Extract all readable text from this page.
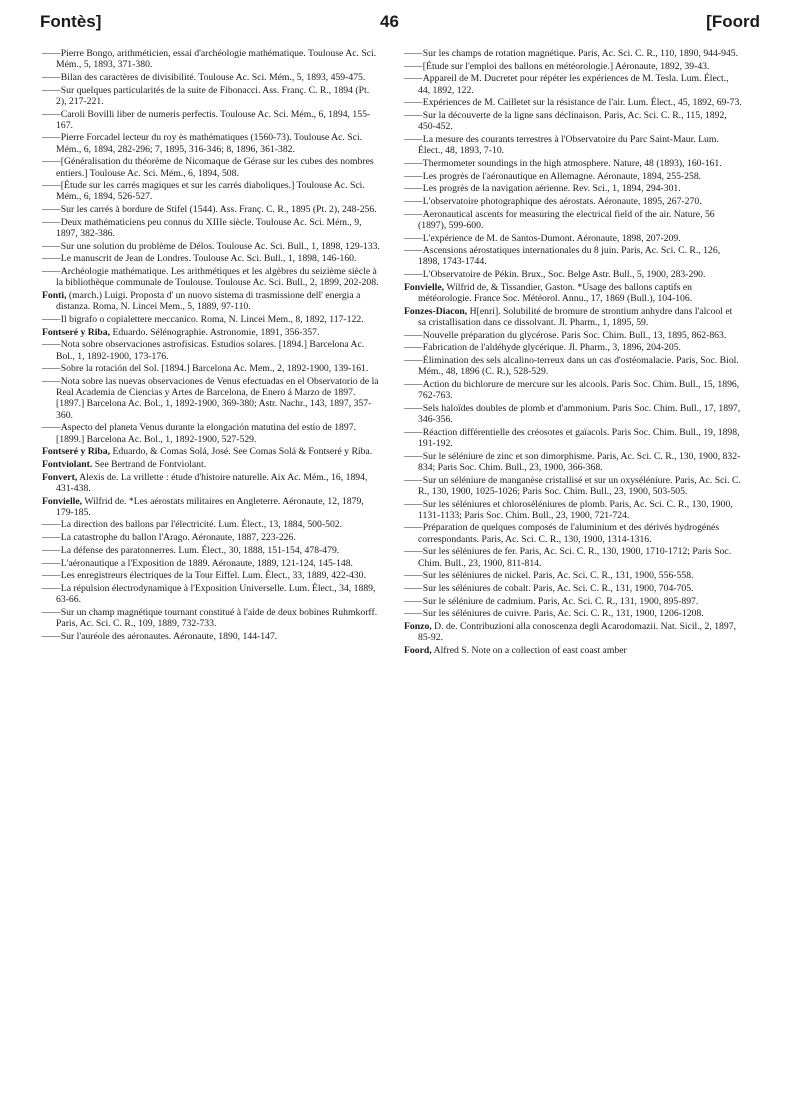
Fontès]	46	[Foord
—— Pierre Bongo, arithméticien, essai d'archéologie mathématique. Toulouse Ac. Sci. Mém., 5, 1893, 371-380.
—— Bilan des caractères de divisibilité. Toulouse Ac. Sci. Mém., 5, 1893, 459-475.
—— Sur quelques particularités de la suite de Fibonacci. Ass. Franç. C. R., 1894 (Pt. 2), 217-221.
—— Caroli Bovilli liber de numeris perfectis. Toulouse Ac. Sci. Mém., 6, 1894, 155-167.
—— Pierre Forcadel lecteur du roy ès mathématiques (1560-73). Toulouse Ac. Sci. Mém., 6, 1894, 282-296; 7, 1895, 316-346; 8, 1896, 361-382.
—— [Généralisation du théorème de Nicomaque de Gérase sur les cubes des nombres entiers.] Toulouse Ac. Sci. Mém., 6, 1894, 508.
—— [Étude sur les carrés magiques et sur les carrés diaboliques.] Toulouse Ac. Sci. Mém., 6, 1894, 526-527.
—— Sur les carrés à bordure de Stifel (1544). Ass. Franç. C. R., 1895 (Pt. 2), 248-256.
—— Deux mathématiciens peu connus du XIIIe siècle. Toulouse Ac. Sci. Mém., 9, 1897, 382-386.
—— Sur une solution du problème de Délos. Toulouse Ac. Sci. Bull., 1, 1898, 129-133.
—— Le manuscrit de Jean de Londres. Toulouse Ac. Sci. Bull., 1, 1898, 146-160.
—— Archéologie mathématique. Les arithmétiques et les algèbres du seizième siècle à la bibliothèque communale de Toulouse. Toulouse Ac. Sci. Bull., 2, 1899, 202-208.
Fonti, (march.) Luigi. Proposta d' un nuovo sistema di trasmissione dell' energia a distanza. Roma, N. Lincei Mem., 5, 1889, 97-110.
—— Il bigrafo o copialettere meccanico. Roma, N. Lincei Mem., 8, 1892, 117-122.
Fontseré y Riba, Eduardo. Sélénographie. Astronomie, 1891, 356-357.
—— Nota sobre observaciones astrofísicas. Estudios solares. [1894.] Barcelona Ac. Bol., 1, 1892-1900, 173-176.
—— Sobre la rotación del Sol. [1894.] Barcelona Ac. Mem., 2, 1892-1900, 139-161.
—— Nota sobre las nuevas observaciones de Venus efectuadas en el Observatorio de la Real Academia de Ciencias y Artes de Barcelona, de Enero á Marzo de 1897. [1897.] Barcelona Ac. Bol., 1, 1892-1900, 369-380; Astr. Nachr., 143, 1897, 357-360.
—— Aspecto del planeta Venus durante la elongación matutina del estío de 1897. [1899.] Barcelona Ac. Bol., 1, 1892-1900, 527-529.
Fontseré y Riba, Eduardo, & Comas Solá, José. See Comas Solá & Fontseré y Riba.
Fontviolant. See Bertrand de Fontviolant.
Fonvert, Alexis de. La vrillette : étude d'histoire naturelle. Aix Ac. Mém., 16, 1894, 431-438.
Fonvielle, Wilfrid de. *Les aérostats militaires en Angleterre. Aéronaute, 12, 1879, 179-185.
—— La direction des ballons par l'électricité. Lum. Élect., 13, 1884, 500-502.
—— La catastrophe du ballon l'Arago. Aéronaute, 1887, 223-226.
—— La défense des paratonnerres. Lum. Élect., 30, 1888, 151-154, 478-479.
—— L'aéronautique a l'Exposition de 1889. Aéronaute, 1889, 121-124, 145-148.
—— Les enregistreurs électriques de la Tour Eiffel. Lum. Élect., 33, 1889, 422-430.
—— La répulsion électrodynamique à l'Exposition Universelle. Lum. Élect., 34, 1889, 63-66.
—— Sur un champ magnétique tournant constitué à l'aide de deux bobines Ruhmkorff. Paris, Ac. Sci. C. R., 109, 1889, 732-733.
—— Sur l'auréole des aéronautes. Aéronaute, 1890, 144-147.
—— Sur les champs de rotation magnétique. Paris, Ac. Sci. C. R., 110, 1890, 944-945.
—— [Étude sur l'emploi des ballons en météorologie.] Aéronaute, 1892, 39-43.
—— Appareil de M. Ducretet pour répéter les expériences de M. Tesla. Lum. Élect., 44, 1892, 122.
—— Expériences de M. Cailletet sur la résistance de l'air. Lum. Élect., 45, 1892, 69-73.
—— Sur la découverte de la ligne sans déclinaison. Paris, Ac. Sci. C. R., 115, 1892, 450-452.
—— La mesure des courants terrestres à l'Observatoire du Parc Saint-Maur. Lum. Élect., 48, 1893, 7-10.
—— Thermometer soundings in the high atmosphere. Nature, 48 (1893), 160-161.
—— Les progrès de l'aéronautique en Allemagne. Aéronaute, 1894, 255-258.
—— Les progrès de la navigation aérienne. Rev. Sci., 1, 1894, 294-301.
—— L'observatoire photographique des aérostats. Aéronaute, 1895, 267-270.
—— Aeronautical ascents for measuring the electrical field of the air. Nature, 56 (1897), 599-600.
—— L'expérience de M. de Santos-Dumont. Aéronaute, 1898, 207-209.
—— Ascensions aérostatiques internationales du 8 juin. Paris, Ac. Sci. C. R., 126, 1898, 1743-1744.
—— L'Observatoire de Pékin. Brux., Soc. Belge Astr. Bull., 5, 1900, 283-290.
Fonvielle, Wilfrid de, & Tissandier, Gaston. *Usage des ballons captifs en météorologie. France Soc. Météorol. Annu., 17, 1869 (Bull.), 104-106.
Fonzes-Diacon, H[enri]. Solubilité de bromure de strontium anhydre dans l'alcool et sa cristallisation dans ce dissolvant. Jl. Pharm., 1, 1895, 59.
—— Nouvelle préparation du glycérose. Paris Soc. Chim. Bull., 13, 1895, 862-863.
—— Fabrication de l'aldéhyde glycérique. Jl. Pharm., 3, 1896, 204-205.
—— Élimination des sels alcalino-terreux dans un cas d'ostéomalacie. Paris, Soc. Biol. Mém., 48, 1896 (C. R.), 528-529.
—— Action du bichlorure de mercure sur les alcools. Paris Soc. Chim. Bull., 15, 1896, 762-763.
—— Sels haloïdes doubles de plomb et d'ammonium. Paris Soc. Chim. Bull., 17, 1897, 346-356.
—— Réaction différentielle des créosotes et gaïacols. Paris Soc. Chim. Bull., 19, 1898, 191-192.
—— Sur le séléniure de zinc et son dimorphisme. Paris, Ac. Sci. C. R., 130, 1900, 832-834; Paris Soc. Chim. Bull., 23, 1900, 366-368.
—— Sur un séléniure de manganèse cristallisé et sur un oxyséléniure. Paris, Ac. Sci. C. R., 130, 1900, 1025-1026; Paris Soc. Chim. Bull., 23, 1900, 503-505.
—— Sur les séléniures et chloroséléniures de plomb. Paris, Ac. Sci. C. R., 130, 1900, 1131-1133; Paris Soc. Chim. Bull., 23, 1900, 721-724.
—— Préparation de quelques composés de l'aluminium et des dérivés hydrogénés correspondants. Paris, Ac. Sci. C. R., 130, 1900, 1314-1316.
—— Sur les séléniures de fer. Paris, Ac. Sci. C. R., 130, 1900, 1710-1712; Paris Soc. Chim. Bull., 23, 1900, 811-814.
—— Sur les séléniures de nickel. Paris, Ac. Sci. C. R., 131, 1900, 556-558.
—— Sur les séléniures de cobalt. Paris, Ac. Sci. C. R., 131, 1900, 704-705.
—— Sur le séléniure de cadmium. Paris, Ac. Sci. C. R., 131, 1900, 895-897.
—— Sur les séléniures de cuivre. Paris, Ac. Sci. C. R., 131, 1900, 1206-1208.
Fonzo, D. de. Contribuzioni alla conoscenza degli Acarodomazii. Nat. Sicil., 2, 1897, 85-92.
Foord, Alfred S. Note on a collection of east coast amber
